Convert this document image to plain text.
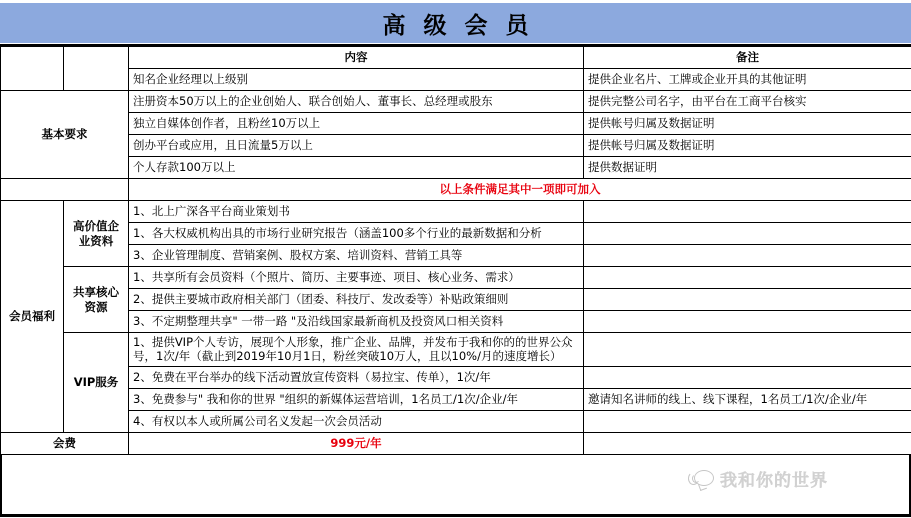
高 级 会 员
		内容	备注
		知名企业经理以上级别	提供企业名片、工牌或企业开具的其他证明
基本要求		注册资本50万以上的企业创始人、联合创始人、董事长、总经理或股东	提供完整公司名字，由平台在工商平台核实
		独立自媒体创作者，且粉丝10万以上	提供帐号归属及数据证明
		创办平台或应用，且日流量5万以上	提供帐号归属及数据证明
		个人存款100万以上	提供数据证明
		以上条件满足其中一项即可加入	
会员福利	高价值企业资料	1、北上广深各平台商业策划书	
		1、各大权威机构出具的市场行业研究报告（涵盖100多个行业的最新数据和分析	
		3、企业管理制度、营销案例、股权方案、培训资料、营销工具等	
	共享核心资源	1、共享所有会员资料（个照片、简历、主要事迹、项目、核心业务、需求）	
		2、提供主要城市政府相关部门（团委、科技厅、发改委等）补贴政策细则	
		3、不定期整理共享" 一带一路 "及沿线国家最新商机及投资风口相关资料	
	VIP服务	1、提供VIP个人专访，展现个人形象，推广企业、品牌，并发布于我和你的的世界公众号，1次/年（截止到2019年10月1日，粉丝突破10万人，且以10%/月的速度增长）	
		2、免费在平台举办的线下活动置放宣传资料（易拉宝、传单），1次/年	
		3、免费参与" 我和你的世界 "组织的新媒体运营培训，1名员工/1次/企业/年	邀请知名讲师的线上、线下课程，1名员工/1次/企业/年
		4、有权以本人或所属公司名义发起一次会员活动	
会费		999元/年	
我和你的世界
